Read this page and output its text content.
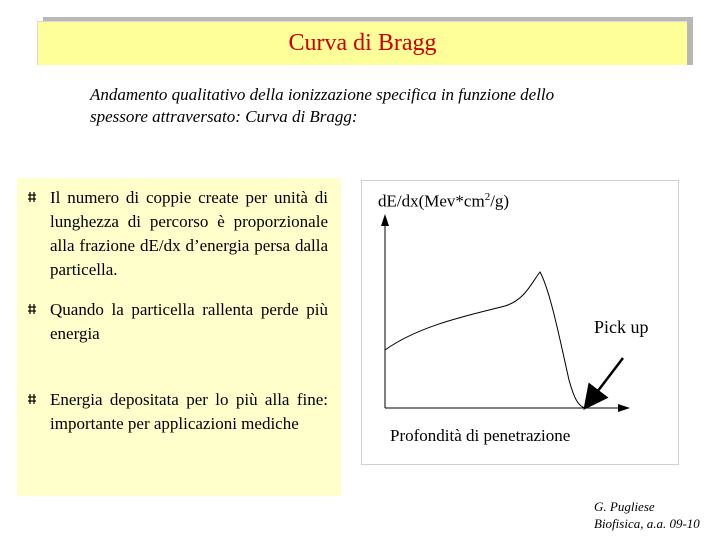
Curva di Bragg
Andamento qualitativo della ionizzazione specifica in funzione dello
spessore attraversato: Curva di Bragg:
Il numero di coppie create per unità di lunghezza di percorso è proporzionale alla frazione dE/dx d’energia persa dalla particella.
Quando la particella rallenta perde più energia
Energia depositata per lo più alla fine: importante per applicazioni mediche
$dE/dx(Mev*cm^2/g)$
Pick up
Profondità di penetrazione
G. Pugliese
Biofisica, a.a. 09-10
